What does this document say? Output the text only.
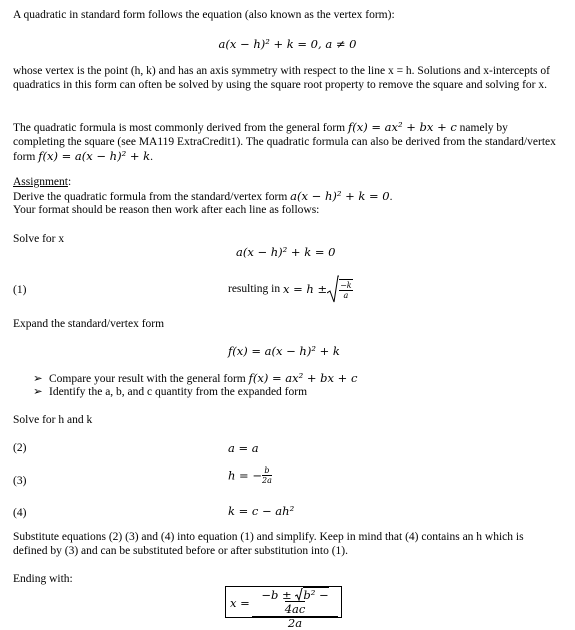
A quadratic in standard form follows the equation (also known as the vertex form):

a(x − h)² + k = 0, a ≠ 0

whose vertex is the point (h, k) and has an axis symmetry with respect to the line x = h. Solutions and x-intercepts of quadratics in this form can often be solved by using the square root property to remove the square and solving for x.

The quadratic formula is most commonly derived from the general form f(x) = ax² + bx + c namely by completing the square (see MA119 ExtraCredit1). The quadratic formula can also be derived from the standard/vertex form f(x) = a(x − h)² + k.

Assignment:
Derive the quadratic formula from the standard/vertex form a(x − h)² + k = 0.
Your format should be reason then work after each line as follows:
Solve for x
a(x − h)² + k = 0
(1)	resulting in $x = h \pm \frac{-k}{a}$
Expand the standard/vertex form
f(x) = a(x − h)² + k
➢ Compare your result with the general form f(x) = ax² + bx + c
➢ Identify the a, b, and c quantity from the expanded form
Solve for h and k
(2)	a = a
(3)	h = − $\frac{b}{2a}$
(4)	k = c − ah²

Substitute equations (2) (3) and (4) into equation (1) and simplify. Keep in mind that (4) contains an h which is defined by (3) and can be substituted before or after substitution into (1).

Ending with:
$x = \frac{\text{−b ± b² − 4ac}}{2a}$
